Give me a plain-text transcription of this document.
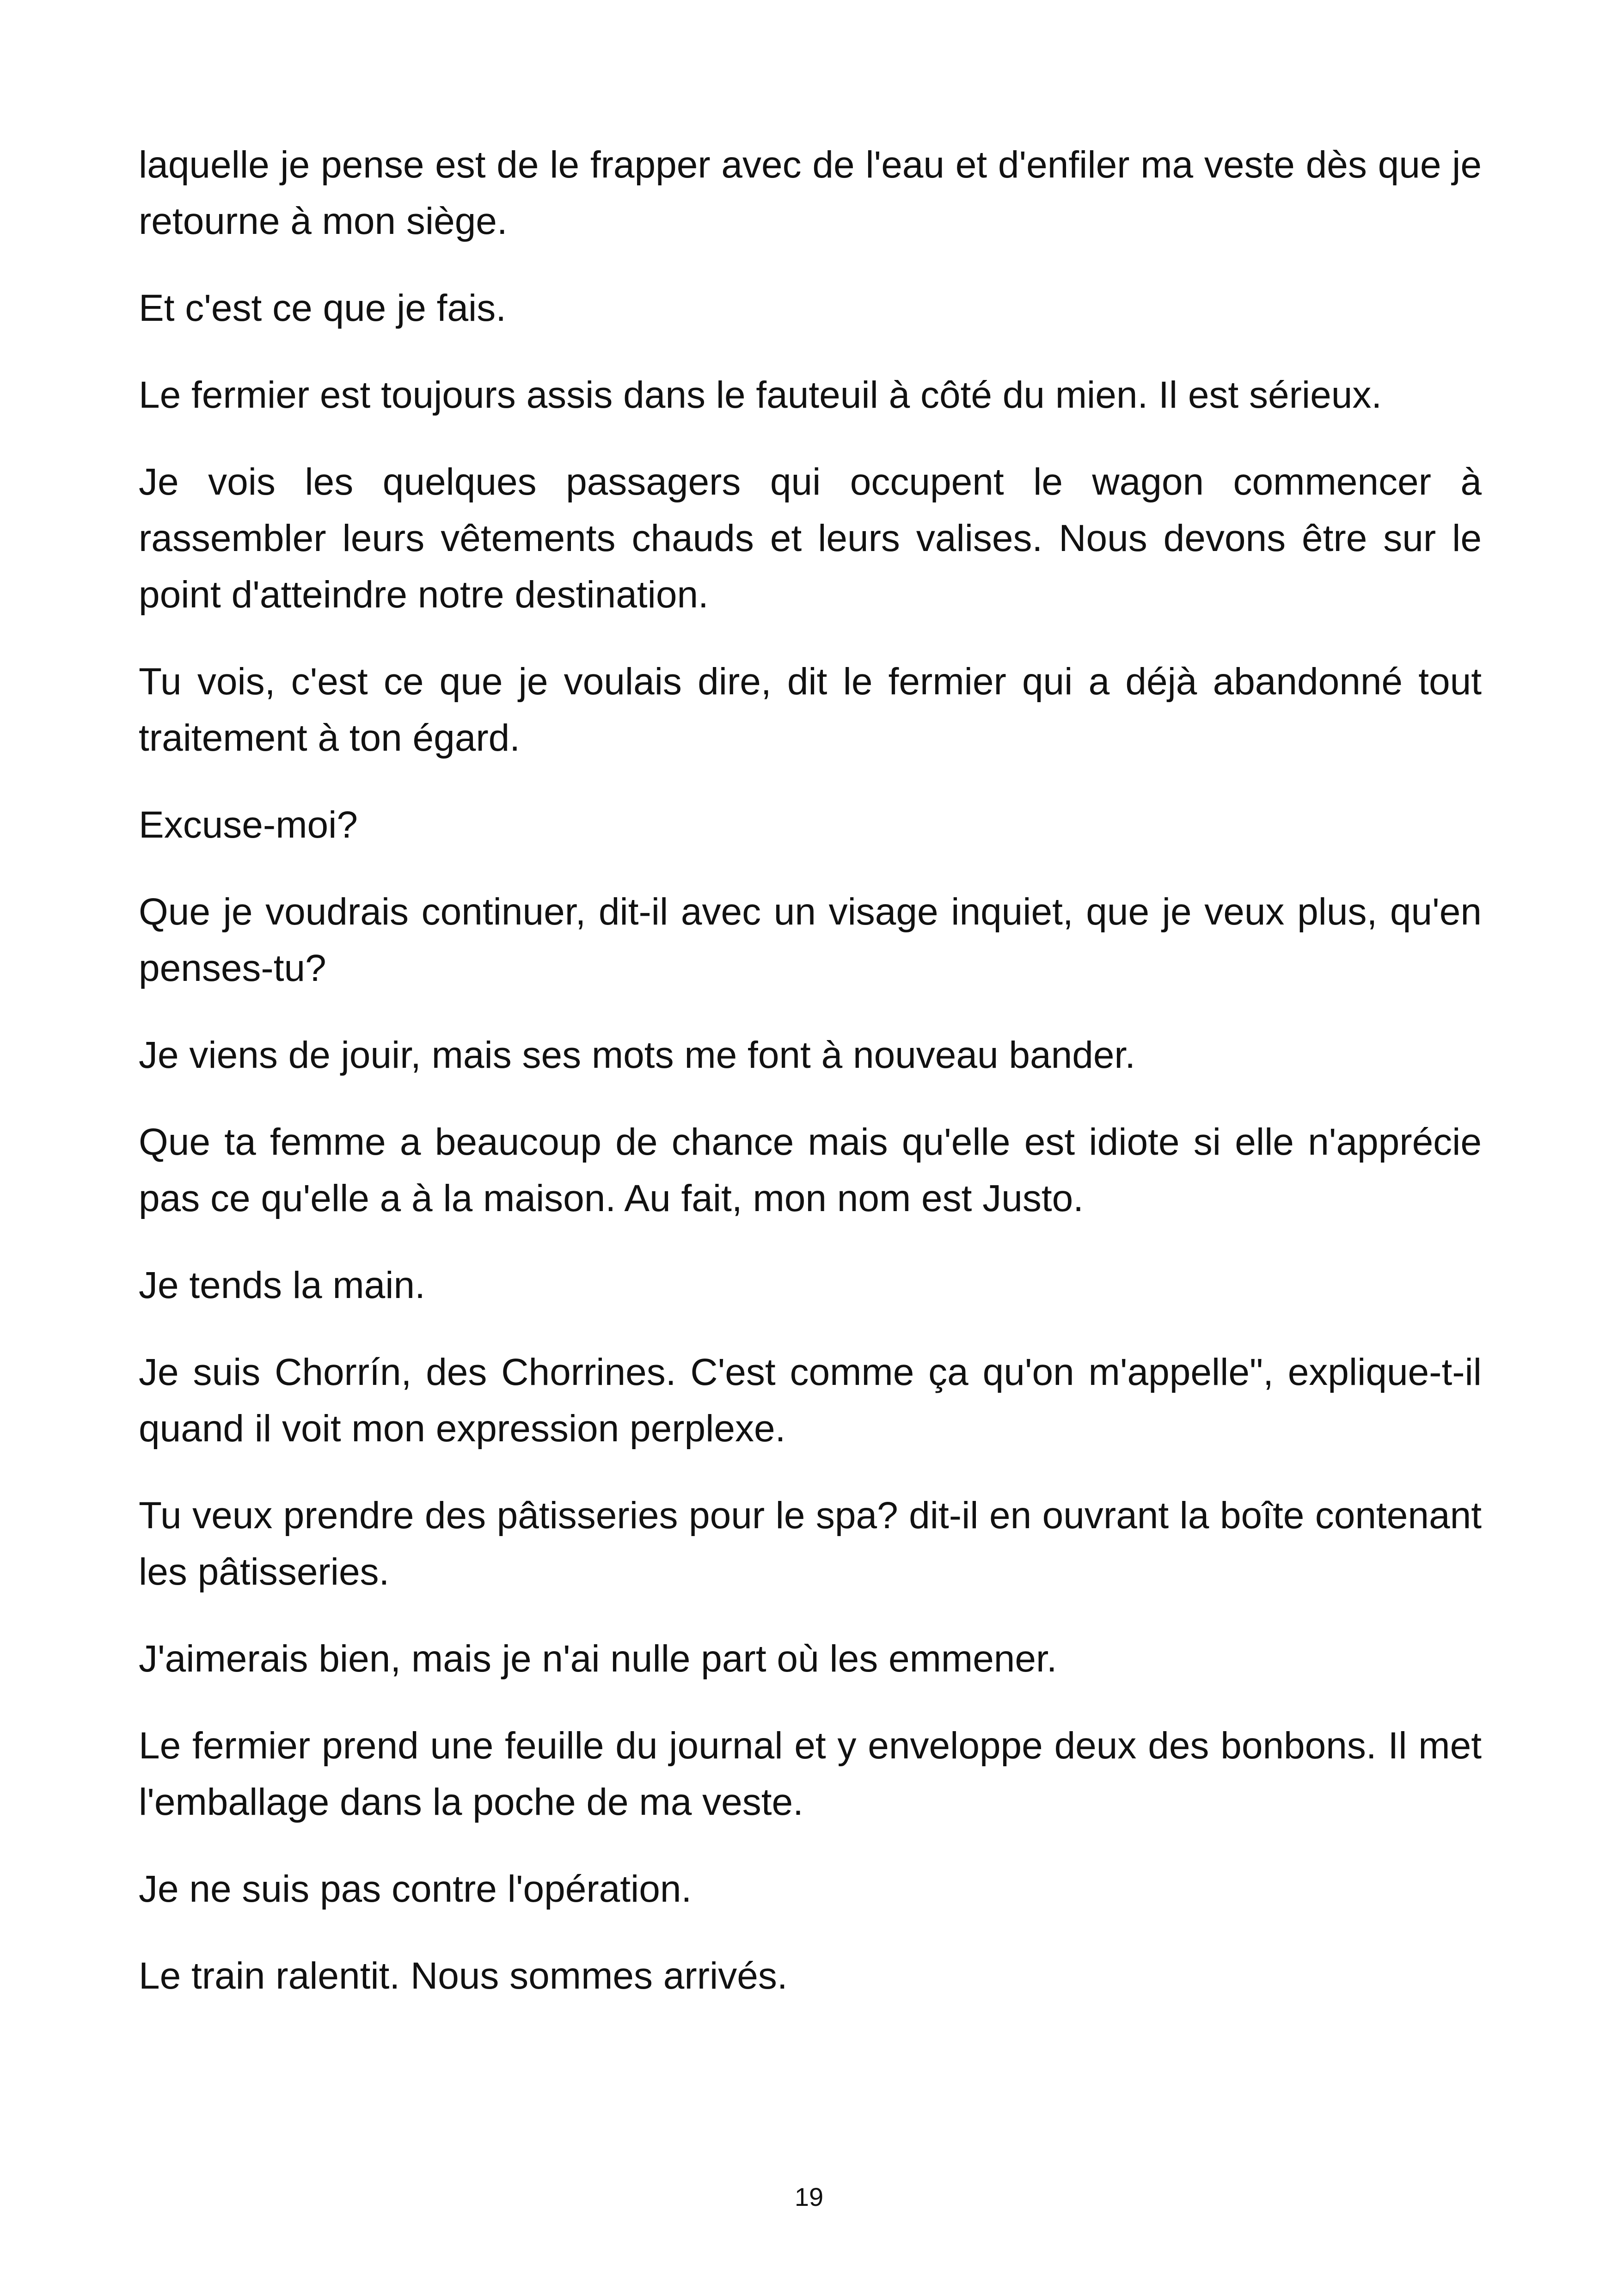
laquelle je pense est de le frapper avec de l'eau et d'enfiler ma veste dès que je retourne à mon siège.

Et c'est ce que je fais.

Le fermier est toujours assis dans le fauteuil à côté du mien. Il est sérieux.

Je vois les quelques passagers qui occupent le wagon commencer à rassembler leurs vêtements chauds et leurs valises. Nous devons être sur le point d'atteindre notre destination.

Tu vois, c'est ce que je voulais dire, dit le fermier qui a déjà abandonné tout traitement à ton égard.

Excuse-moi?

Que je voudrais continuer, dit-il avec un visage inquiet, que je veux plus, qu'en penses-tu?

Je viens de jouir, mais ses mots me font à nouveau bander.

Que ta femme a beaucoup de chance mais qu'elle est idiote si elle n'apprécie pas ce qu'elle a à la maison. Au fait, mon nom est Justo.

Je tends la main.

Je suis Chorrín, des Chorrines. C'est comme ça qu'on m'appelle", explique-t-il quand il voit mon expression perplexe.

Tu veux prendre des pâtisseries pour le spa? dit-il en ouvrant la boîte contenant les pâtisseries.

J'aimerais bien, mais je n'ai nulle part où les emmener.

Le fermier prend une feuille du journal et y enveloppe deux des bonbons. Il met l'emballage dans la poche de ma veste.

Je ne suis pas contre l'opération.

Le train ralentit. Nous sommes arrivés.

19
